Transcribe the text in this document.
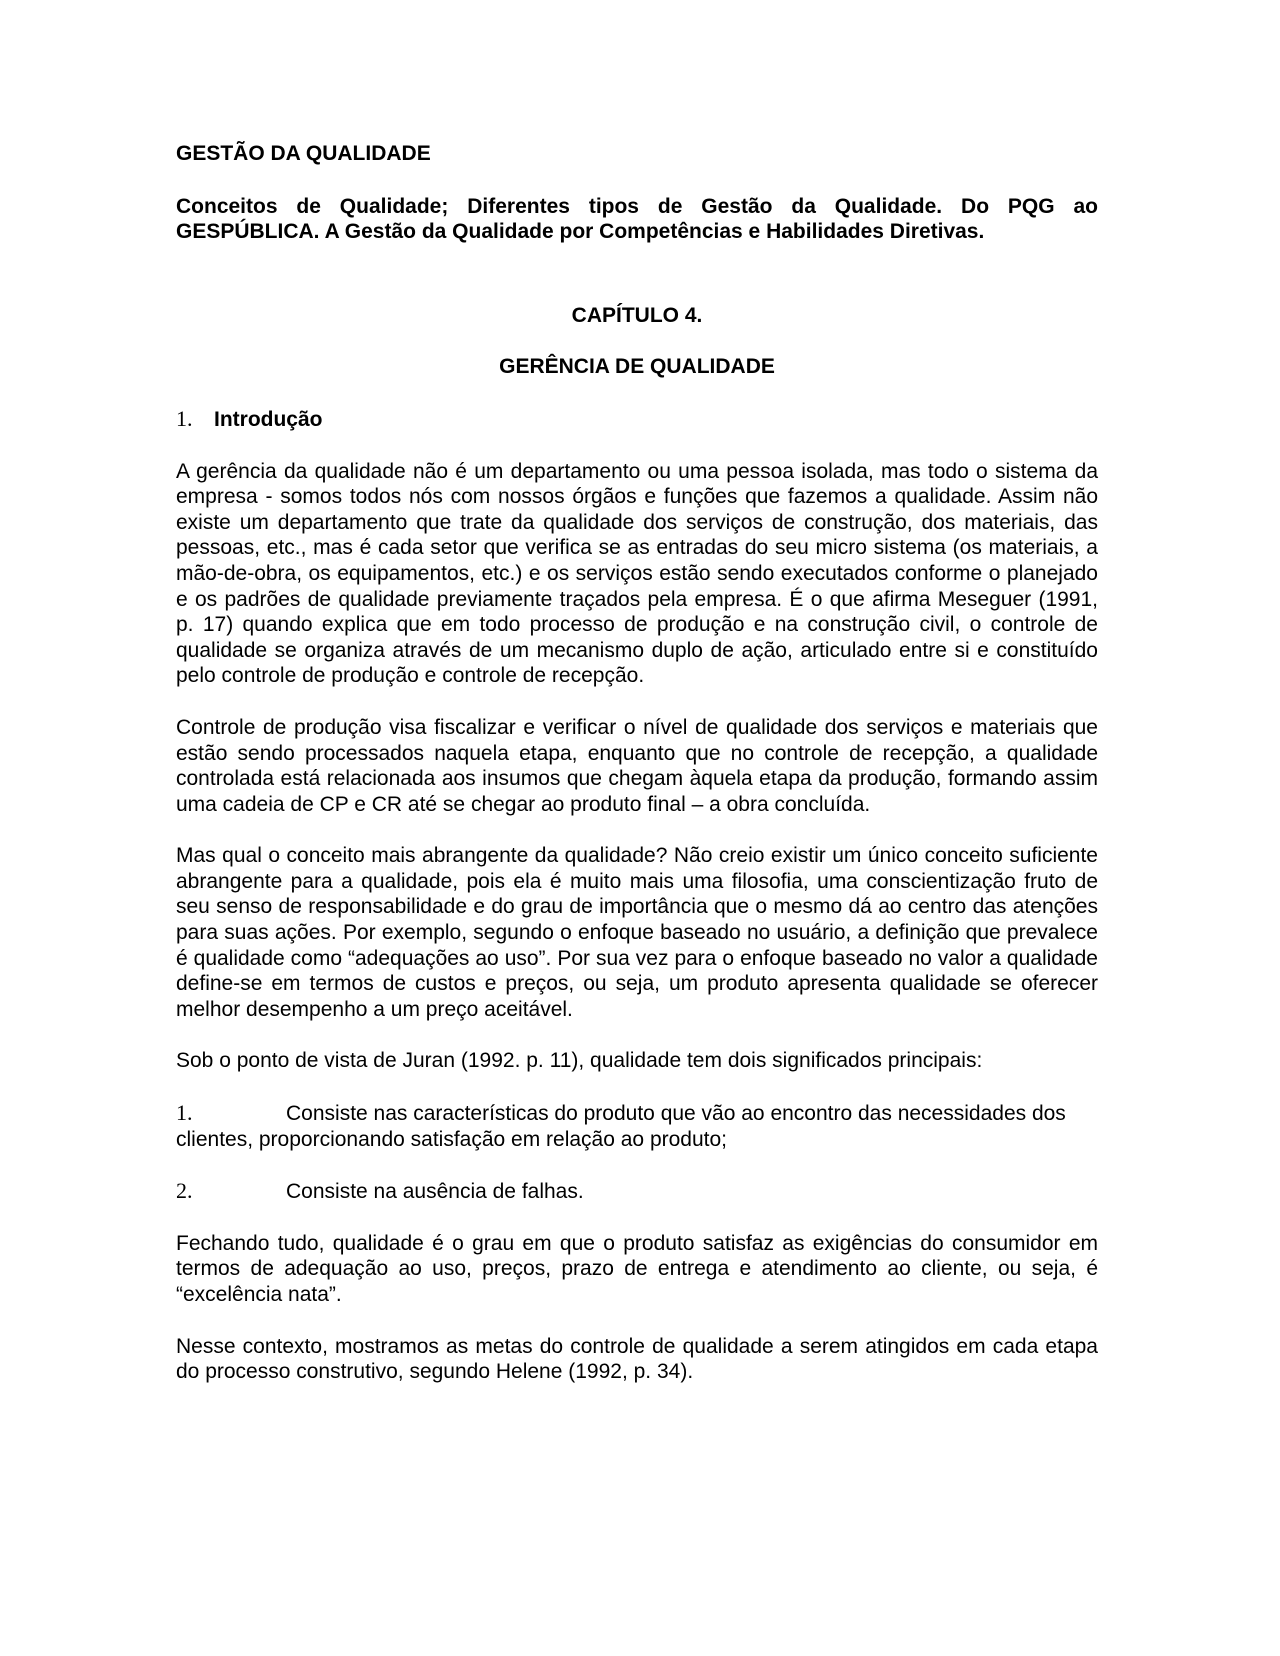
GESTÃO DA QUALIDADE

Conceitos de Qualidade; Diferentes tipos de Gestão da Qualidade. Do PQG ao GESPÚBLICA. A Gestão da Qualidade por Competências e Habilidades Diretivas.

CAPÍTULO 4.

GERÊNCIA DE QUALIDADE

1.	Introdução

A gerência da qualidade não é um departamento ou uma pessoa isolada, mas todo o sistema da empresa - somos todos nós com nossos órgãos e funções que fazemos a qualidade. Assim não existe um departamento que trate da qualidade dos serviços de construção, dos materiais, das pessoas, etc., mas é cada setor que verifica se as entradas do seu micro sistema (os materiais, a mão-de-obra, os equipamentos, etc.) e os serviços estão sendo executados conforme o planejado e os padrões de qualidade previamente traçados pela empresa. É o que afirma Meseguer (1991, p. 17) quando explica que em todo processo de produção e na construção civil, o controle de qualidade se organiza através de um mecanismo duplo de ação, articulado entre si e constituído pelo controle de produção e controle de recepção.

Controle de produção visa fiscalizar e verificar o nível de qualidade dos serviços e materiais que estão sendo processados naquela etapa, enquanto que no controle de recepção, a qualidade controlada está relacionada aos insumos que chegam àquela etapa da produção, formando assim uma cadeia de CP e CR até se chegar ao produto final – a obra concluída.

Mas qual o conceito mais abrangente da qualidade? Não creio existir um único conceito suficiente abrangente para a qualidade, pois ela é muito mais uma filosofia, uma conscientização fruto de seu senso de responsabilidade e do grau de importância que o mesmo dá ao centro das atenções para suas ações. Por exemplo, segundo o enfoque baseado no usuário, a definição que prevalece é qualidade como “adequações ao uso”. Por sua vez para o enfoque baseado no valor a qualidade define-se em termos de custos e preços, ou seja, um produto apresenta qualidade se oferecer melhor desempenho a um preço aceitável.

Sob o ponto de vista de Juran (1992. p. 11), qualidade tem dois significados principais:

1.	Consiste nas características do produto que vão ao encontro das necessidades dos clientes, proporcionando satisfação em relação ao produto;

2.	Consiste na ausência de falhas.

Fechando tudo, qualidade é o grau em que o produto satisfaz as exigências do consumidor em termos de adequação ao uso, preços, prazo de entrega e atendimento ao cliente, ou seja, é “excelência nata”.

Nesse contexto, mostramos as metas do controle de qualidade a serem atingidos em cada etapa do processo construtivo, segundo Helene (1992, p. 34).
